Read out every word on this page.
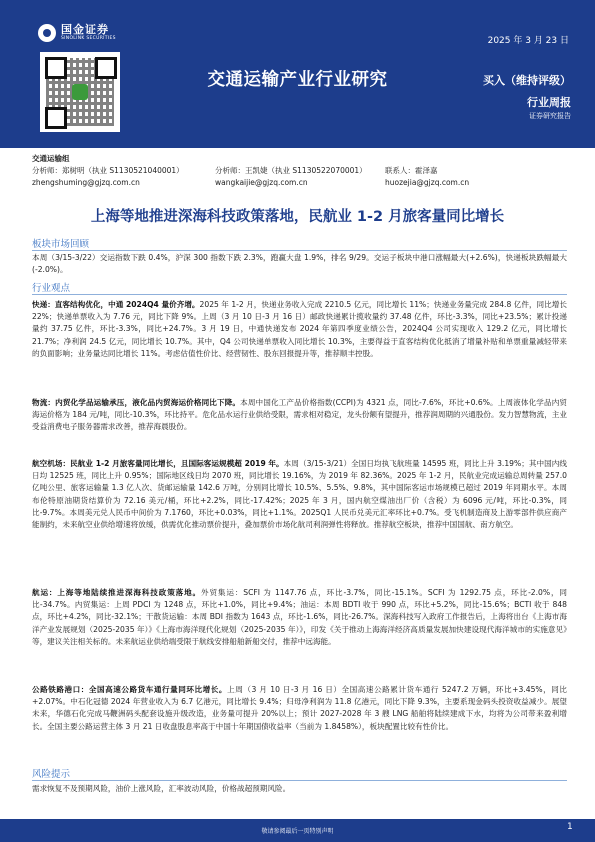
国金证券
SINOLINK SECURITIES	2025 年 3 月 23 日
交通运输产业行业研究	买入（维持评级）
行业周报
证券研究报告
交通运输组
分析师：郑树明（执业 S1130521040001）	分析师：王凯婕（执业 S1130522070001） 联系人：霍泽嘉
zhengshuming@gjzq.com.cn	wangkaijie@gjzq.com.cn	huozejia@gjzq.com.cn
上海等地推进深海科技政策落地，民航业 1-2 月旅客量同比增长
板块市场回顾
本周（3/15-3/22）交运指数下跌 0.4%，沪深 300 指数下跌 2.3%，跑赢大盘 1.9%，排名 9/29。交运子板块中港口涨幅最大(+2.6%)，快递板块跌幅最大(-2.0%)。
行业观点
快递：直客结构优化，中通 2024Q4 量价齐增。2025 年 1-2 月，快递业务收入完成 2210.5 亿元，同比增长 11%；快递业务量完成 284.8 亿件，同比增长 22%；快递单票收入为 7.76 元，同比下降 9%。上周（3 月 10 日-3 月 16 日）邮政快递累计揽收量约 37.48 亿件，环比-3.3%，同比+23.5%；累计投递量约 37.75 亿件，环比-3.3%，同比+24.7%。3 月 19 日，中通快递发布 2024 年第四季度业绩公告，2024Q4 公司实现收入 129.2 亿元，同比增长 21.7%；净利润 24.5 亿元，同比增长 10.7%。其中，Q4 公司快递单票收入同比增长 10.3%，主要得益于直客结构优化抵消了增量补贴和单票重量减轻带来的负面影响；业务量达同比增长 11%。考虑估值性价比、经营韧性、股东回报提升等，推荐顺丰控股。
物流：内贸化学品运输承压，液化品内贸海运价格同比下降。本周中国化工产品价格指数(CCPI)为 4321 点，同比-7.6%，环比+0.6%。上周液体化学品内贸海运价格为 184 元/吨，同比-10.3%，环比持平。危化品水运行业供给受限，需求相对稳定，龙头份额有望提升，推荐润周期的兴通股份。发力智慧物流，主业受益消费电子服务器需求改善，推荐海晨股份。
航空机场：民航业 1-2 月旅客量同比增长，且国际客运规模超 2019 年。本周（3/15-3/21）全国日均执飞航班量 14595 班，同比上升 3.19%；其中国内线日均 12525 班，同比上升 0.95%；国际地区线日均 2070 班，同比增长 19.16%，为 2019 年 82.36%。2025 年 1-2 月，民航业完成运输总周转量 257.0 亿吨公里、旅客运输量 1.3 亿人次、货邮运输量 142.6 万吨，分别同比增长 10.5%、5.5%、9.8%，其中国际客运市场规模已超过 2019 年同期水平。本周布伦特原油期货结算价为 72.16 美元/桶，环比+2.2%，同比-17.42%；2025 年 3 月，国内航空煤油出厂价（含税）为 6096 元/吨，环比-0.3%，同比-9.7%。本周美元兑人民币中间价为 7.1760，环比+0.03%，同比+1.1%。2025Q1 人民币兑美元汇率环比+0.7%。受飞机制造商及上游零部件供应商产能制约，未来航空业供给增速将放缓，供需优化推动票价提升，叠加票价市场化航司利润弹性将释放。推荐航空板块，推荐中国国航、南方航空。
航运：上海等地陆续推进深海科技政策落地。外贸集运：SCFI 为 1147.76 点，环比-3.7%，同比-15.1%。SCFI 为 1292.75 点，环比-2.0%，同比-34.7%。内贸集运：上周 PDCI 为 1248 点，环比+1.0%，同比+9.4%；油运：本周 BDTI 收于 990 点，环比+5.2%，同比-15.6%；BCTI 收于 848 点，环比+4.2%，同比-32.1%；干散货运输：本周 BDI 指数为 1643 点，环比-1.6%，同比-26.7%。深海科技写入政府工作报告后，上海将出台《上海市海洋产业发展规划（2025-2035 年）》《上海市海洋现代化规划（2025-2035 年）》，印发《关于推动上海海洋经济高质量发展加快建设现代海洋城市的实施意见》等，建议关注相关标的。未来航运业供给端受限于航线安排船舶新船交付，推荐中远海能。
公路铁路港口：全国高速公路货车通行量同环比增长。上周（3 月 10 日-3 月 16 日）全国高速公路累计货车通行 5247.2 万辆，环比+3.45%，同比+2.07%。中石化冠德 2024 年营业收入为 6.7 亿港元，同比增长 9.4%；归母净利润为 11.8 亿港元，同比下降 9.3%，主要系现金码头投资收益减少。展望未来，华德石化完成马鞭洲码头配套设施升级改造，业务量可提升 20%以上；预计 2027-2028 年 3 艘 LNG 船舶将陆续建成下水，均将为公司带来盈利增长。全国主要公路运营主体 3 月 21 日收盘股息率高于中国十年期国债收益率（当前为 1.8458%），板块配置比较有性价比。
风险提示
需求恢复不及预期风险，油价上涨风险，汇率波动风险，价格战超预期风险。
敬请参阅最后一页特别声明	1
